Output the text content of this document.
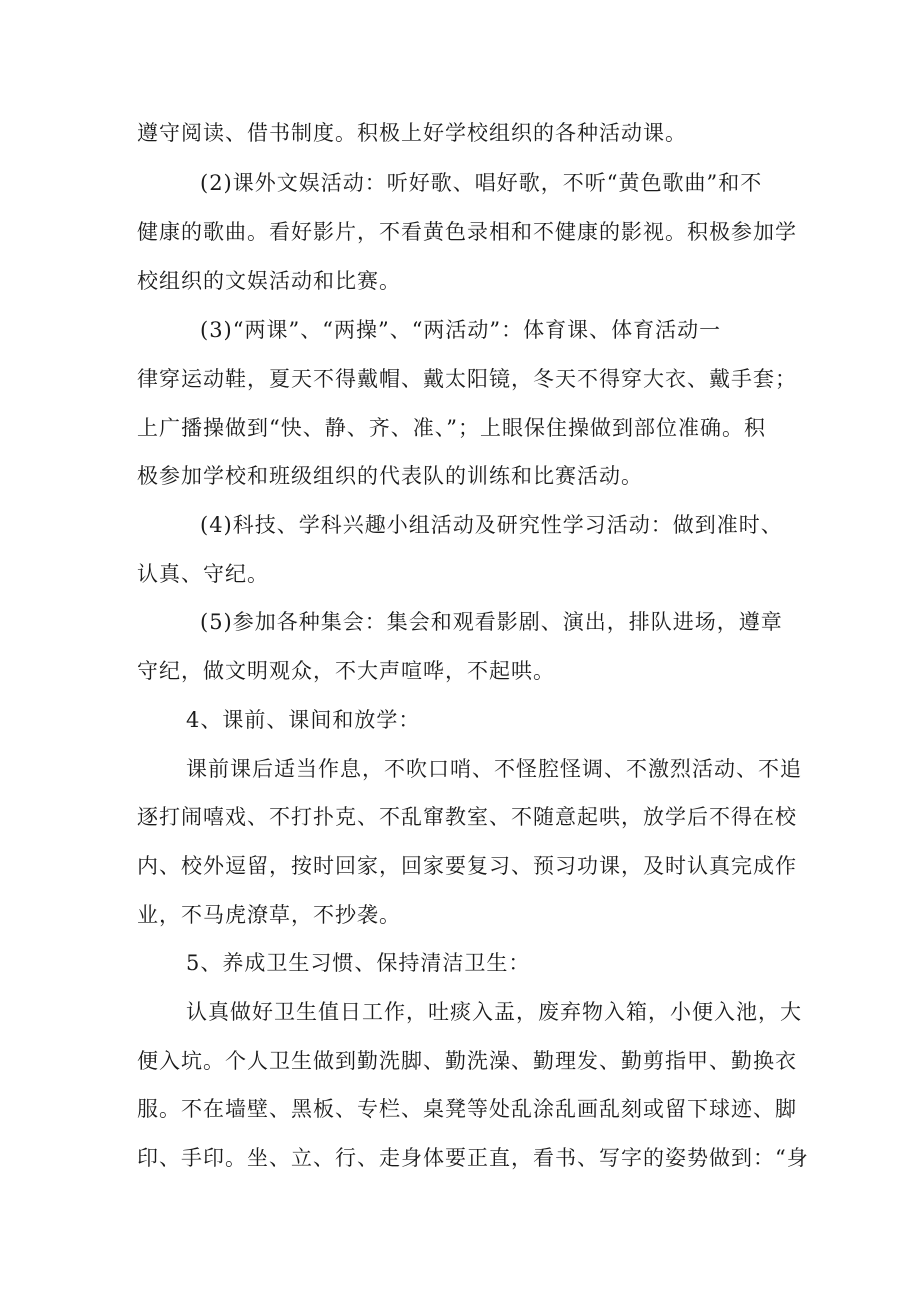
遵守阅读、借书制度。积极上好学校组织的各种活动课。
(2)课外文娱活动：听好歌、唱好歌，不听“黄色歌曲”和不
健康的歌曲。看好影片，不看黄色录相和不健康的影视。积极参加学
校组织的文娱活动和比赛。
(3)“两课”、“两操”、“两活动”：体育课、体育活动一
律穿运动鞋，夏天不得戴帽、戴太阳镜，冬天不得穿大衣、戴手套；
上广播操做到“快、静、齐、准、”；上眼保住操做到部位准确。积
极参加学校和班级组织的代表队的训练和比赛活动。
(4)科技、学科兴趣小组活动及研究性学习活动：做到准时、
认真、守纪。
(5)参加各种集会：集会和观看影剧、演出，排队进场，遵章
守纪，做文明观众，不大声喧哗，不起哄。
4、课前、课间和放学：
课前课后适当作息，不吹口哨、不怪腔怪调、不激烈活动、不追
逐打闹嘻戏、不打扑克、不乱窜教室、不随意起哄，放学后不得在校
内、校外逗留，按时回家，回家要复习、预习功课，及时认真完成作
业，不马虎潦草，不抄袭。
5、养成卫生习惯、保持清洁卫生：
认真做好卫生值日工作，吐痰入盂，废弃物入箱，小便入池，大
便入坑。个人卫生做到勤洗脚、勤洗澡、勤理发、勤剪指甲、勤换衣
服。不在墙壁、黑板、专栏、桌凳等处乱涂乱画乱刻或留下球迹、脚
印、手印。坐、立、行、走身体要正直，看书、写字的姿势做到：“身
